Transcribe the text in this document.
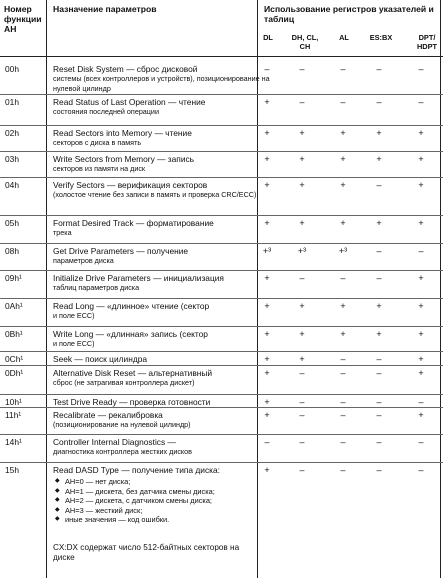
Номер функции АН
Назначение параметров	Использование регистров указателей и таблиц
DL	DH, CL, CH
AL	ES:BX	DPT/ HDPT
00h	Reset Disk System — сброс дисковой
системы (всех контроллеров и устройств), позиционирование на нулевой цилиндр
–	–	–	–	–
01h	Read Status of Last Operation — чтение
состояния последней операции
+	–	–	–	–
02h	Read Sectors into Memory — чтение
секторов с диска в память
+	+	+	+	+
03h	Write Sectors from Memory — запись
секторов из памяти на диск
+	+	+	+	+
04h	Verify Sectors — верификация секторов
(холостое чтение без записи в память и проверка CRC/ECC)
+	+	+	–	+
05h	Format Desired Track — форматирование
трека
+	+	+	+	+
08h	Get Drive Parameters — получение
параметров диска
+³	+³	+³	–	–
09h¹	Initialize Drive Parameters — инициализация
таблиц параметров диска
+	–	–	–	+
0Ah¹	Read Long — «длинное» чтение (сектор
и поле ECC)
+	+	+	+	+
0Bh¹	Write Long — «длинная» запись (сектор
и поле ECC)
+	+	+	+	+
0Ch¹	Seek — поиск цилиндра	+	+	–	–	+
0Dh¹	Alternative Disk Reset — альтернативный
сброс (не затрагивая контроллера дискет)
+	–	–	–	+
10h¹	Test Drive Ready — проверка готовности	+	–	–	–	–
11h¹	Recalibrate — рекалибровка
(позиционирование на нулевой цилиндр)
+	–	–	–	+
14h¹	Controller Internal Diagnostics —
диагностика контроллера жестких дисков
–	–	–	–	–
15h	Read DASD Type — получение типа диска:	+	–	–	–	–
◆ AH=0 — нет диска;
◆ AH=1 — дискета, без датчика смены диска;
◆ AH=2 — дискета, с датчиком смены диска;
◆ AH=3 — жесткий диск;
◆ иные значения — код ошибки.
CX:DX содержат число 512-байтных секторов на диске
